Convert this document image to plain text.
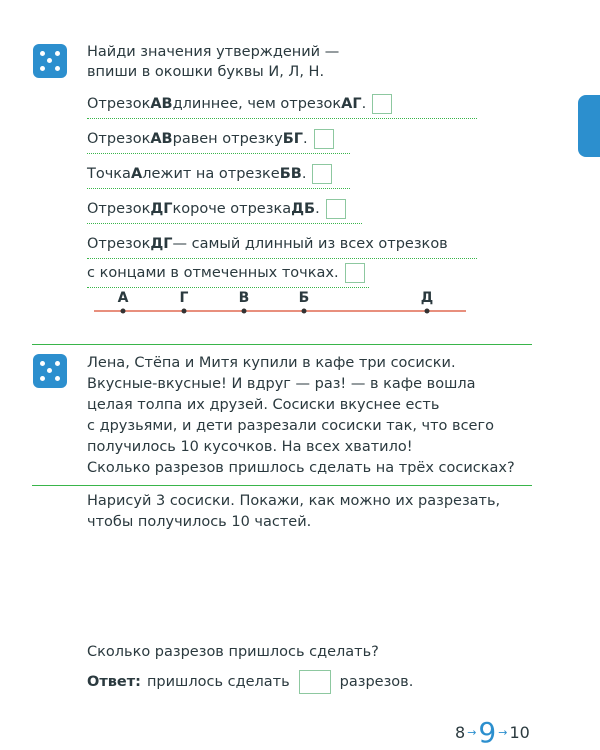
Найди значения утверждений —
впиши в окошки буквы И, Л, Н.
Отрезок АВ длиннее, чем отрезок АГ .
Отрезок АВ равен отрезку БГ .
Точка А лежит на отрезке БВ .
Отрезок ДГ короче отрезка ДБ .
Отрезок ДГ — самый длинный из всех отрезков
с концами в отмеченных точках.
А	Г	В	Б	Д
Лена, Стёпа и Митя купили в кафе три сосиски.
Вкусные-вкусные! И вдруг — раз! — в кафе вошла
целая толпа их друзей. Сосиски вкуснее есть
с друзьями, и дети разрезали сосиски так, что всего
получилось 10 кусочков. На всех хватило!
Сколько разрезов пришлось сделать на трёх сосисках?
Нарисуй 3 сосиски. Покажи, как можно их разрезать,
чтобы получилось 10 частей.
Сколько разрезов пришлось сделать?
Ответ: пришлось сделать	разрезов.
8 → 9 → 10
